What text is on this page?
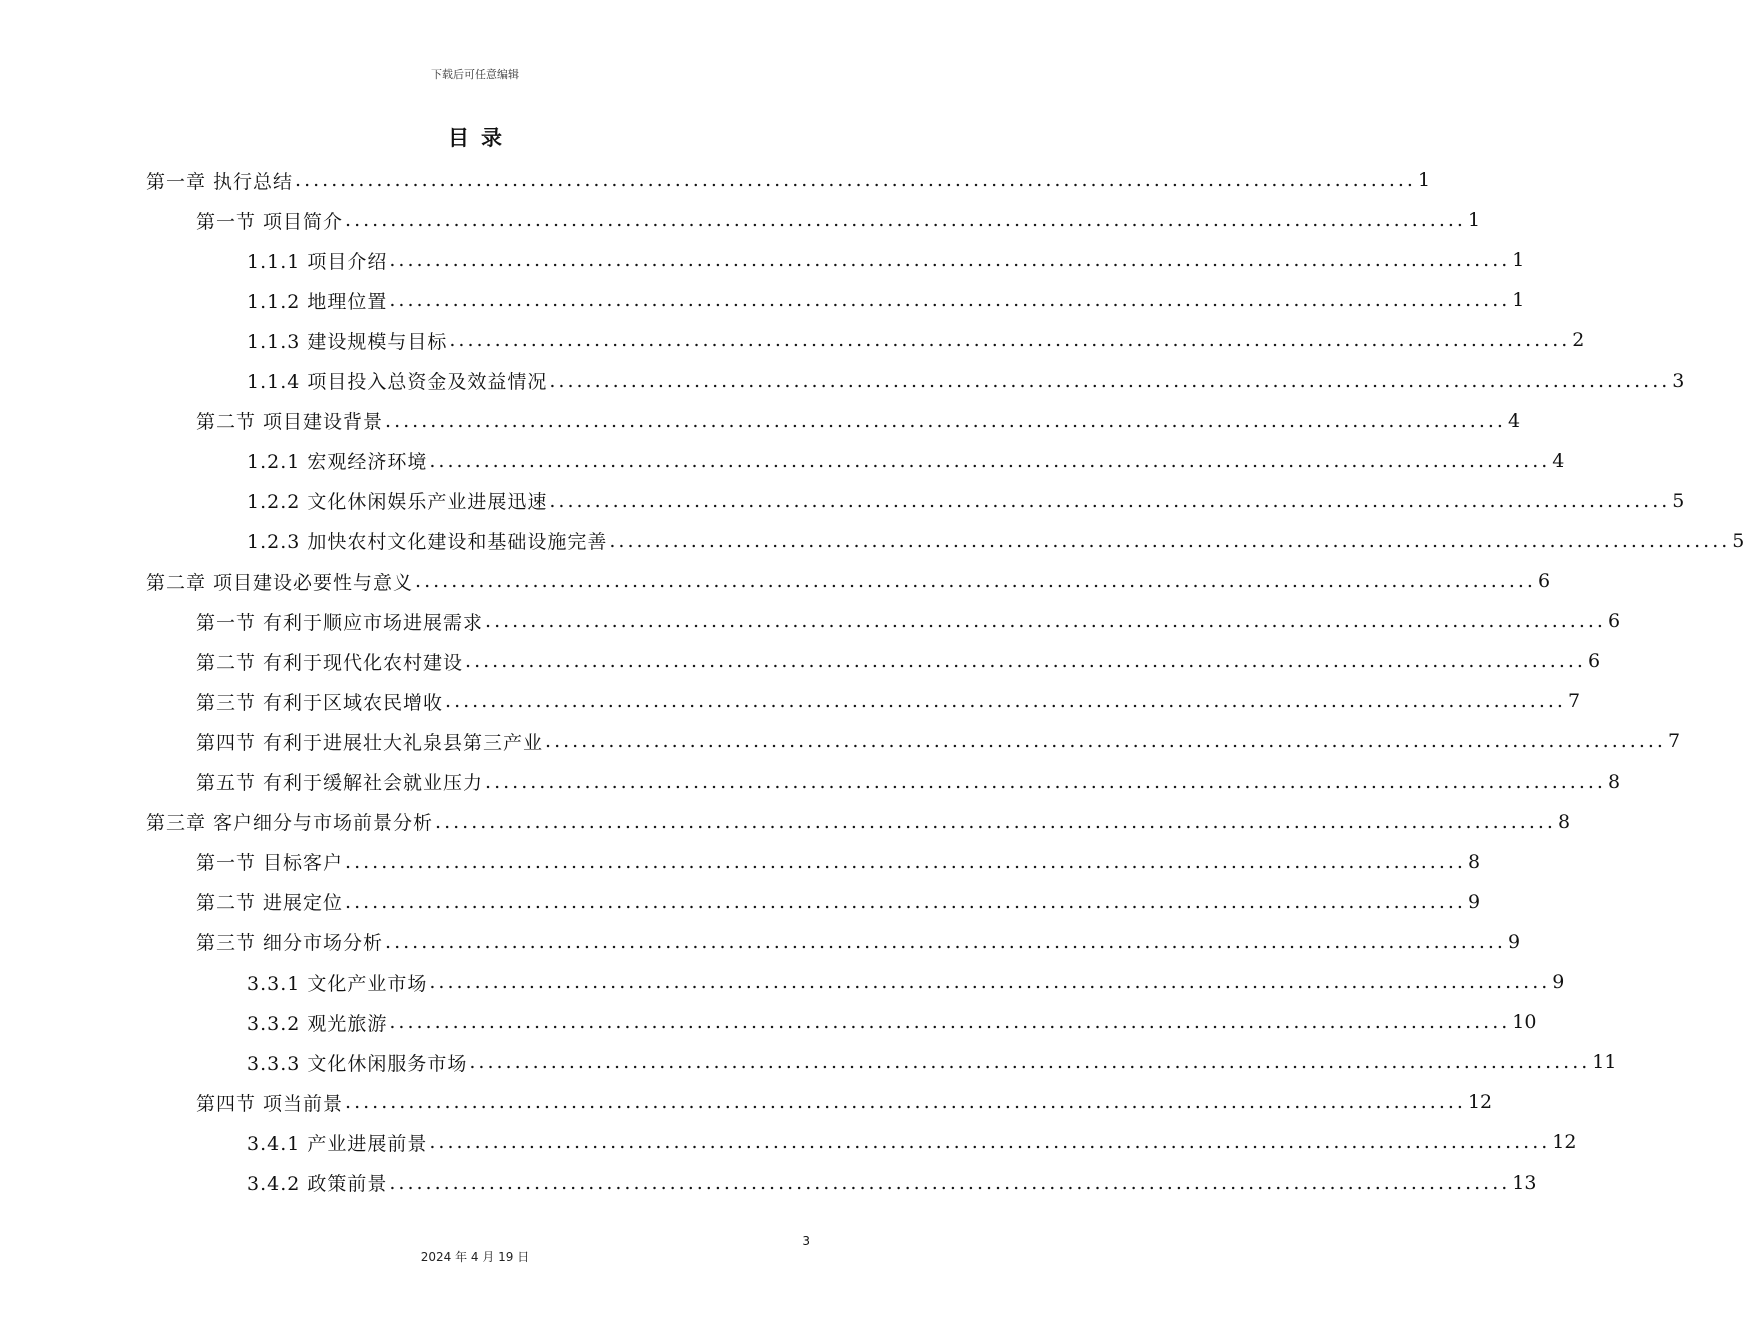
下载后可任意编辑
目录
第一章 执行总结 ............................................................................................................................ 1
第一节 项目简介 ............................................................................................................................ 1
1.1.1 项目介绍 ............................................................................................................................ 1
1.1.2 地理位置 ............................................................................................................................ 1
1.1.3 建设规模与目标 ............................................................................................................................ 2
1.1.4 项目投入总资金及效益情况 ............................................................................................................................ 3
第二节 项目建设背景 ............................................................................................................................ 4
1.2.1 宏观经济环境 ............................................................................................................................ 4
1.2.2 文化休闲娱乐产业进展迅速 ............................................................................................................................ 5
1.2.3 加快农村文化建设和基础设施完善 ............................................................................................................................ 5
第二章 项目建设必要性与意义 ............................................................................................................................ 6
第一节 有利于顺应市场进展需求 ............................................................................................................................ 6
第二节 有利于现代化农村建设 ............................................................................................................................ 6
第三节 有利于区域农民增收 ............................................................................................................................ 7
第四节 有利于进展壮大礼泉县第三产业 ............................................................................................................................ 7
第五节 有利于缓解社会就业压力 ............................................................................................................................ 8
第三章 客户细分与市场前景分析 ............................................................................................................................ 8
第一节 目标客户 ............................................................................................................................ 8
第二节 进展定位 ............................................................................................................................ 9
第三节 细分市场分析 ............................................................................................................................ 9
3.3.1 文化产业市场 ............................................................................................................................ 9
3.3.2 观光旅游 ............................................................................................................................ 10
3.3.3 文化休闲服务市场 ............................................................................................................................ 11
第四节 项当前景 ............................................................................................................................ 12
3.4.1 产业进展前景 ............................................................................................................................ 12
3.4.2 政策前景 ............................................................................................................................ 13
3
2024 年 4 月 19 日
